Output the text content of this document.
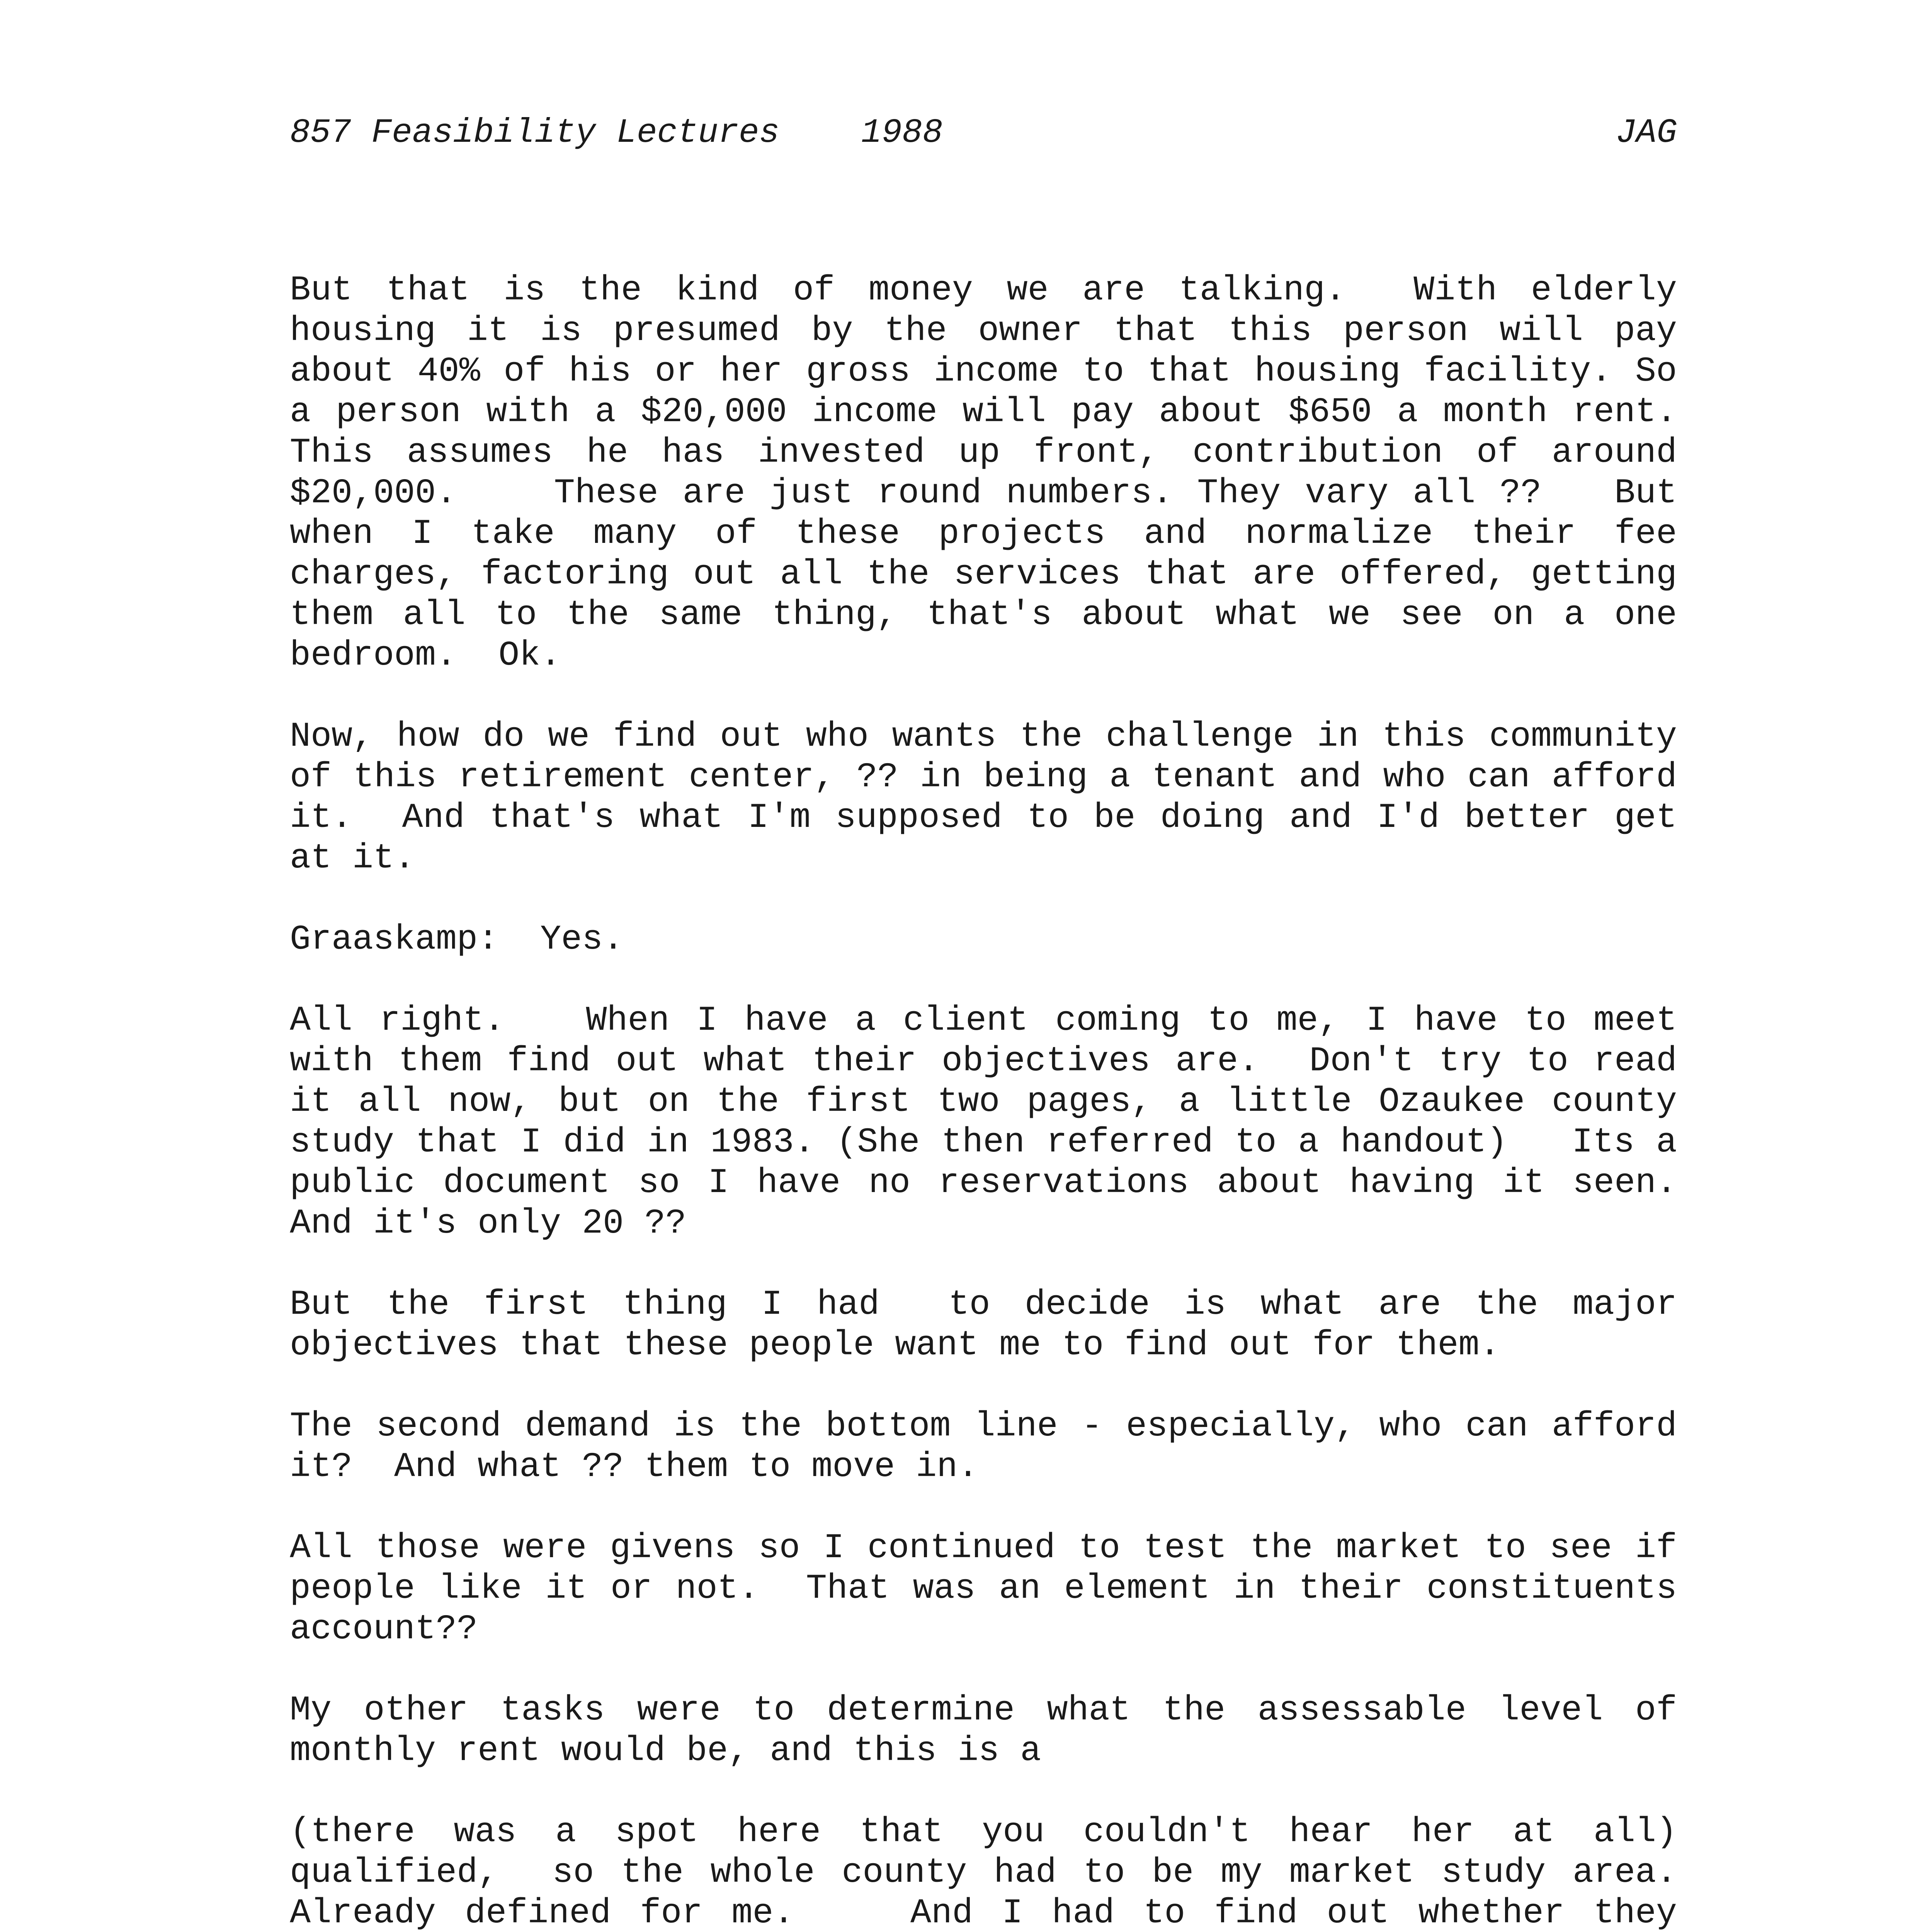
857 Feasibility Lectures    1988

	JAG

But that is the kind of money we are talking.  With elderly housing it is presumed by the owner that this person will pay about 40% of his or her gross income to that housing facility. So a person with a $20,000 income will pay about $650 a month rent.  This assumes he has invested up front, contribution of around $20,000.    These are just round numbers. They vary all ??   But when I take many of these projects and normalize their fee charges, factoring out all the services that are offered, getting them all to the same thing, that's about what we see on a one bedroom.  Ok.

Now, how do we find out who wants the challenge in this community of this retirement center, ?? in being a tenant and who can afford it.  And that's what I'm supposed to be doing and I'd better get at it.

Graaskamp:  Yes.

All right.   When I have a client coming to me, I have to meet with them find out what their objectives are.  Don't try to read it all now, but on the first two pages, a little Ozaukee county study that I did in 1983. (She then referred to a handout)   Its a public document so I have no reservations about having it seen.  And it's only 20 ??

But the first thing I had  to decide is what are the major objectives that these people want me to find out for them.

The second demand is the bottom line - especially, who can afford it?  And what ?? them to move in.

All those were givens so I continued to test the market to see if people like it or not.  That was an element in their constituents account??

My other tasks were to determine what the assessable level of monthly rent would be, and this is a

(there was a spot here that you couldn't hear her at all) qualified,  so the whole county had to be my market study area.  Already defined for me.    And I had to find out whether they
